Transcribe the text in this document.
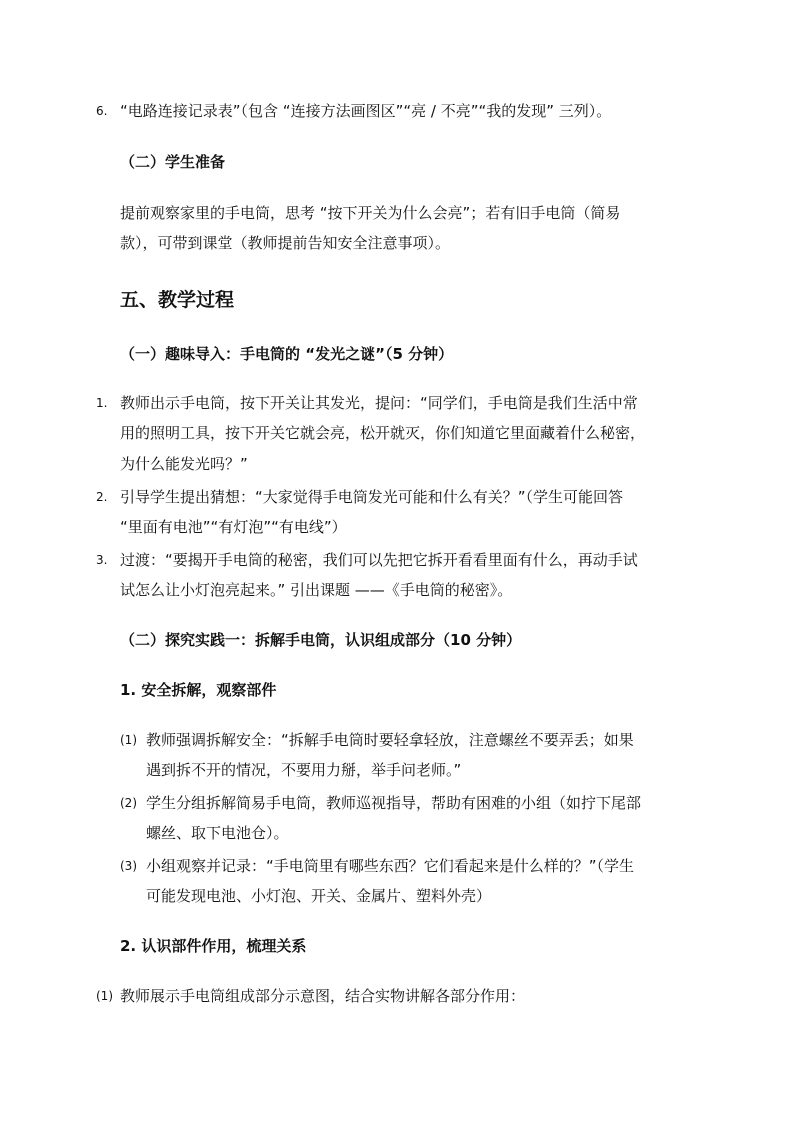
6. “电路连接记录表”（包含 “连接方法画图区”“亮 / 不亮”“我的发现” 三列）。
（二）学生准备
提前观察家里的手电筒，思考 “按下开关为什么会亮”；若有旧手电筒（简易
款），可带到课堂（教师提前告知安全注意事项）。
五、教学过程
（一）趣味导入：手电筒的 “发光之谜”（5 分钟）
1. 教师出示手电筒，按下开关让其发光，提问：“同学们，手电筒是我们生活中常
用的照明工具，按下开关它就会亮，松开就灭，你们知道它里面藏着什么秘密，
为什么能发光吗？”
2. 引导学生提出猜想：“大家觉得手电筒发光可能和什么有关？”（学生可能回答
“里面有电池”“有灯泡”“有电线”）
3. 过渡：“要揭开手电筒的秘密，我们可以先把它拆开看看里面有什么，再动手试
试怎么让小灯泡亮起来。” 引出课题 ——《手电筒的秘密》。
（二）探究实践一：拆解手电筒，认识组成部分（10 分钟）
1. 安全拆解，观察部件
(1) 教师强调拆解安全：“拆解手电筒时要轻拿轻放，注意螺丝不要弄丢；如果
遇到拆不开的情况，不要用力掰，举手问老师。”
(2) 学生分组拆解简易手电筒，教师巡视指导，帮助有困难的小组（如拧下尾部
螺丝、取下电池仓）。
(3) 小组观察并记录：“手电筒里有哪些东西？它们看起来是什么样的？”（学生
可能发现电池、小灯泡、开关、金属片、塑料外壳）
2. 认识部件作用，梳理关系
(1) 教师展示手电筒组成部分示意图，结合实物讲解各部分作用：
